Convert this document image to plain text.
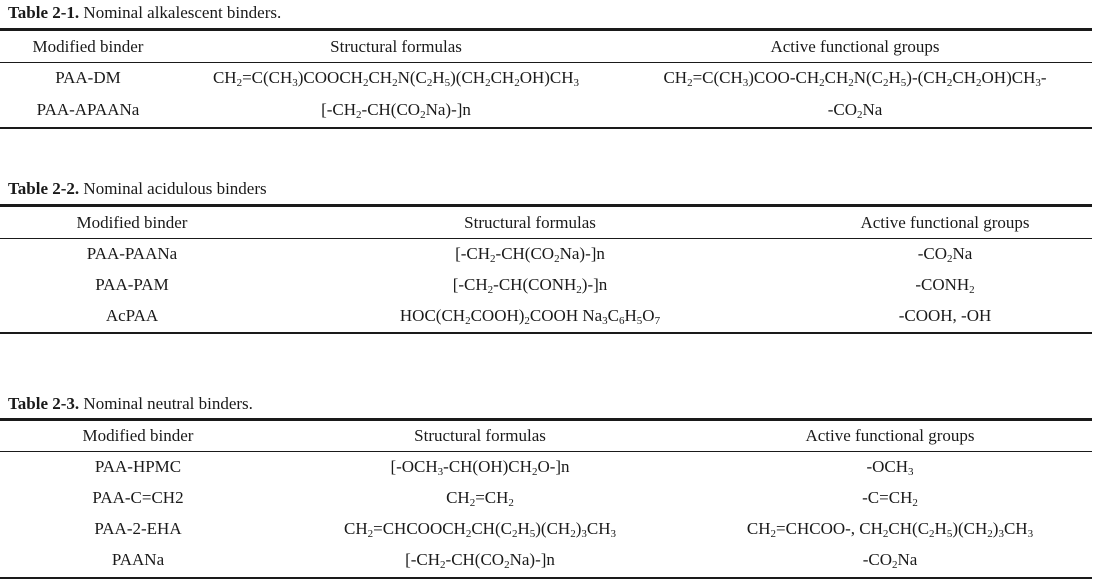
Table 2-1. Nominal alkalescent binders.
Modified binder	Structural formulas	Active functional groups
PAA-DM	$CH_2=C(CH_3)COOCH_2CH_2N(C_2H_5)(CH_2CH_2OH)CH_3$	$CH_2=C(CH_3)COO-CH_2CH_2N(C_2H_5)-(CH_2CH_2OH)CH_3-$
PAA-APAANa	$[-CH_2-CH(CO_2Na)-]n$	$-CO_2Na$
Table 2-2. Nominal acidulous binders
Modified binder	Structural formulas	Active functional groups
PAA-PAANa	$[-CH_2-CH(CO_2Na)-]n$	$-CO_2Na$
PAA-PAM	$[-CH_2-CH(CONH_2)-]n$	$-CONH_2$
AcPAA	$HOC(CH_2COOH)_2COOH$ $Na_3C_6H_5O_7$	-COOH, -OH
Table 2-3. Nominal neutral binders.
Modified binder	Structural formulas	Active functional groups
PAA-HPMC	$[-OCH_3-CH(OH)CH_2O-]n$	$-OCH_3$
PAA-C=CH2	$CH_2=CH_2$	$-C=CH_2$
PAA-2-EHA	$CH_2=CHCOOCH_2CH(C_2H_5)(CH_2)_3CH_3$	$CH_2=CHCOO-$, $CH_2CH(C_2H_5)(CH_2)_3CH_3$
PAANa	$[-CH_2-CH(CO_2Na)-]n$	$-CO_2Na$
